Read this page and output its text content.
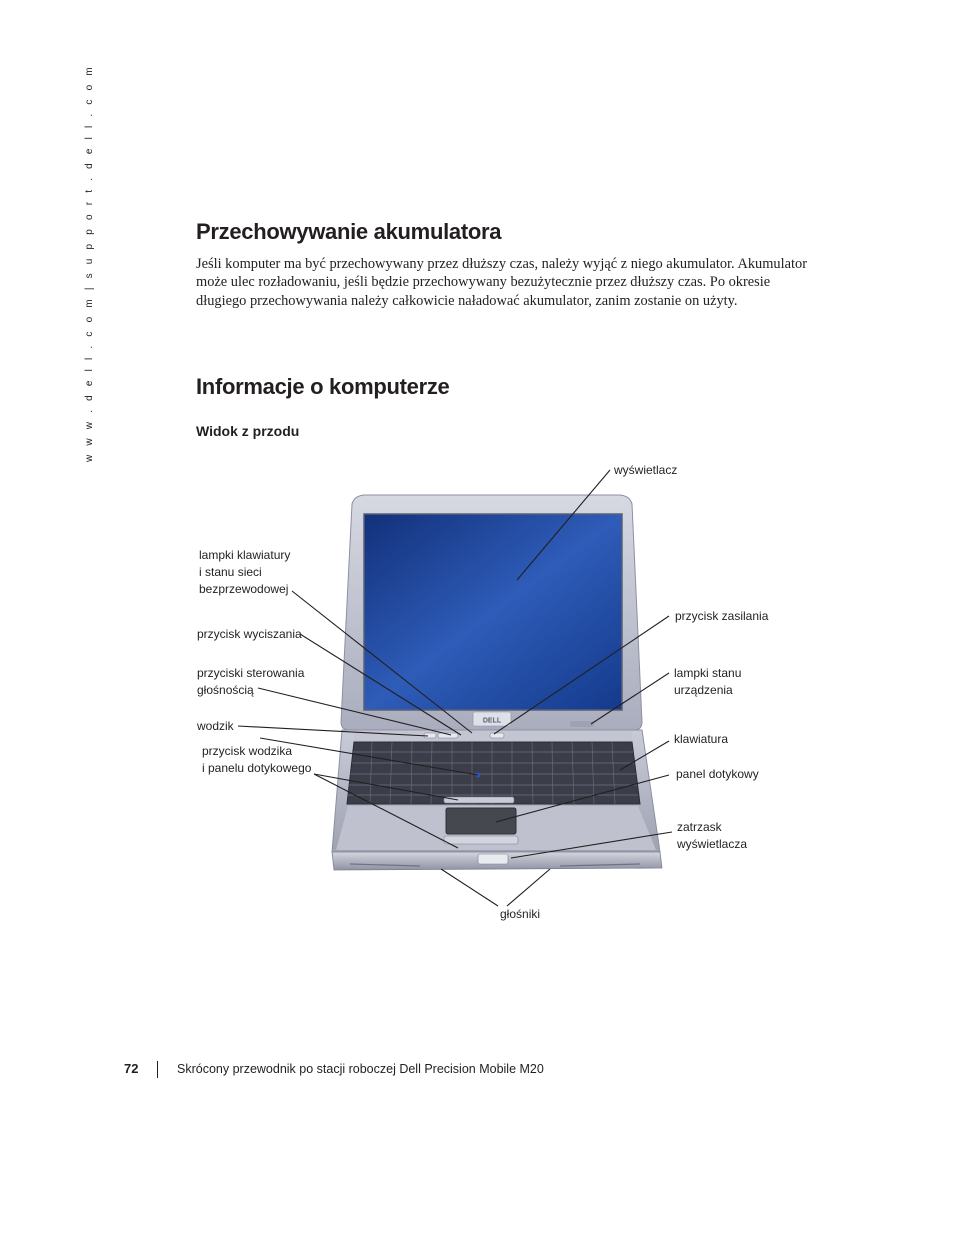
w w w . d e l l . c o m | s u p p o r t . d e l l . c o m	Przechowywanie akumulatora

Jeśli komputer ma być przechowywany przez dłuższy czas, należy wyjąć z niego akumulator. Akumulator może ulec rozładowaniu, jeśli będzie przechowywany bezużytecznie przez dłuższy czas. Po okresie długiego przechowywania należy całkowicie naładować akumulator, zanim zostanie on użyty.

Informacje o komputerze
Widok z przodu
DELL
wyświetlacz
lampki klawiatury
i stanu sieci
bezprzewodowej
przycisk wyciszania
przyciski sterowania
głośnością
wodzik
przycisk wodzika
i panelu dotykowego
przycisk zasilania
lampki stanu
urządzenia
klawiatura
panel dotykowy
zatrzask
wyświetlacza
głośniki
72	Skrócony przewodnik po stacji roboczej Dell Precision Mobile M20
